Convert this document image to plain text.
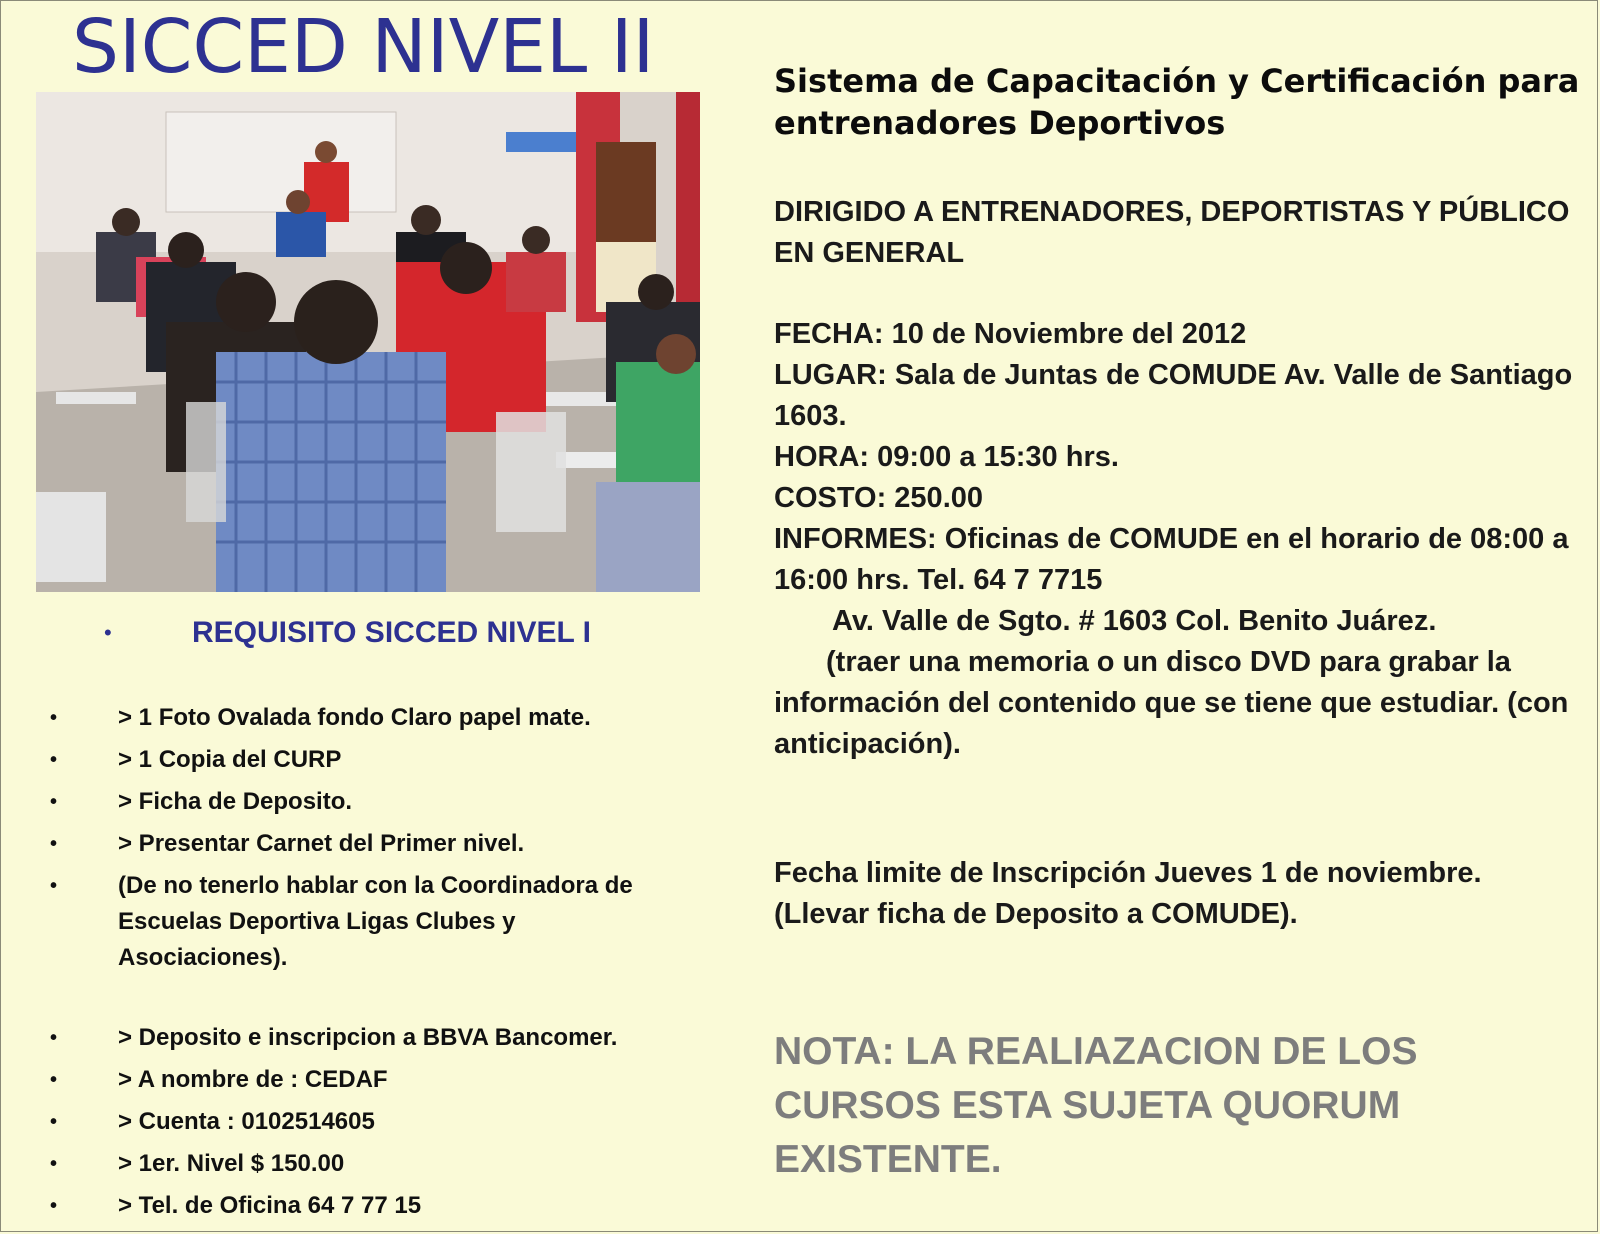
SICCED NIVEL II
•	REQUISITO SICCED NIVEL I
•	> 1 Foto Ovalada fondo Claro papel mate.
•	> 1 Copia del CURP
•	> Ficha de Deposito.
•	> Presentar Carnet del Primer nivel.
•	(De no tenerlo hablar con la Coordinadora de Escuelas Deportiva Ligas Clubes y Asociaciones).
•	> Deposito e inscripcion a BBVA Bancomer.
•	> A nombre de : CEDAF
•	> Cuenta : 0102514605
•	> 1er. Nivel $ 150.00
•	> Tel. de Oficina 64 7 77 15

Sistema de Capacitación y Certificación para entrenadores Deportivos

DIRIGIDO A ENTRENADORES, DEPORTISTAS Y PÚBLICO EN GENERAL

FECHA: 10 de Noviembre del 2012
LUGAR: Sala de Juntas de COMUDE Av. Valle de Santiago 1603.
HORA: 09:00 a 15:30 hrs.
COSTO: 250.00
INFORMES: Oficinas de COMUDE en el horario de 08:00 a 16:00 hrs. Tel. 64 7 7715
Av. Valle de Sgto. # 1603 Col. Benito Juárez.
(traer una memoria o un disco DVD para grabar la información del contenido que se tiene que estudiar. (con anticipación).
Fecha limite de Inscripción Jueves 1 de noviembre. (Llevar ficha de Deposito a COMUDE).
NOTA: LA REALIAZACION DE LOS CURSOS ESTA SUJETA QUORUM EXISTENTE.
